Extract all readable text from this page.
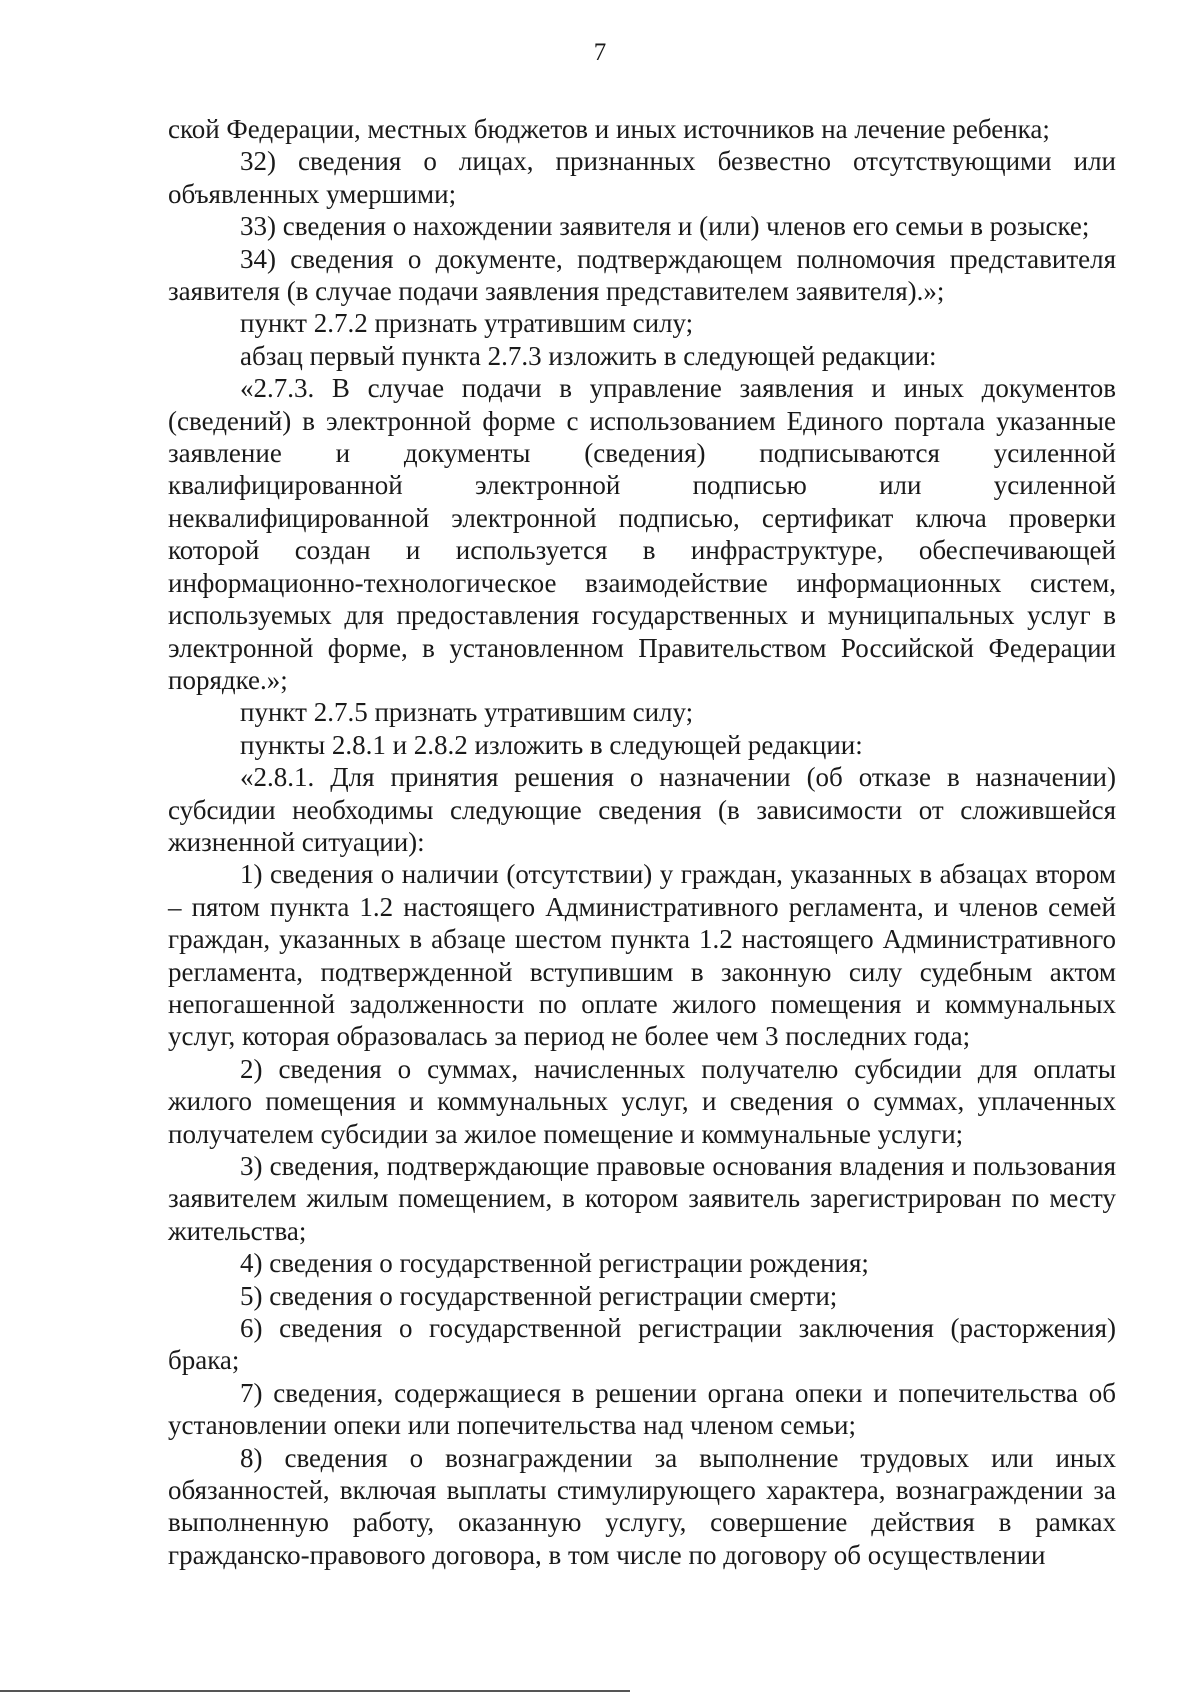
7

ской Федерации, местных бюджетов и иных источников на лечение ребенка;

32) сведения о лицах, признанных безвестно отсутствующими или объявленных умершими;

33) сведения о нахождении заявителя и (или) членов его семьи в розыске;

34) сведения о документе, подтверждающем полномочия представителя заявителя (в случае подачи заявления представителем заявителя).»;

пункт 2.7.2 признать утратившим силу;

абзац первый пункта 2.7.3 изложить в следующей редакции:

«2.7.3. В случае подачи в управление заявления и иных документов (сведений) в электронной форме с использованием Единого портала указанные заявление и документы (сведения) подписываются усиленной квалифицированной электронной подписью или усиленной неквалифицированной электронной подписью, сертификат ключа проверки которой создан и используется в инфраструктуре, обеспечивающей информационно-технологическое взаимодействие информационных систем, используемых для предоставления государственных и муниципальных услуг в электронной форме, в установленном Правительством Российской Федерации порядке.»;

пункт 2.7.5 признать утратившим силу;

пункты 2.8.1 и 2.8.2 изложить в следующей редакции:

«2.8.1. Для принятия решения о назначении (об отказе в назначении) субсидии необходимы следующие сведения (в зависимости от сложившейся жизненной ситуации):

1) сведения о наличии (отсутствии) у граждан, указанных в абзацах втором – пятом пункта 1.2 настоящего Административного регламента, и членов семей граждан, указанных в абзаце шестом пункта 1.2 настоящего Административного регламента, подтвержденной вступившим в законную силу судебным актом непогашенной задолженности по оплате жилого помещения и коммунальных услуг, которая образовалась за период не более чем 3 последних года;

2) сведения о суммах, начисленных получателю субсидии для оплаты жилого помещения и коммунальных услуг, и сведения о суммах, уплаченных получателем субсидии за жилое помещение и коммунальные услуги;

3) сведения, подтверждающие правовые основания владения и пользования заявителем жилым помещением, в котором заявитель зарегистрирован по месту жительства;

4) сведения о государственной регистрации рождения;

5) сведения о государственной регистрации смерти;

6) сведения о государственной регистрации заключения (расторжения) брака;

7) сведения, содержащиеся в решении органа опеки и попечительства об установлении опеки или попечительства над членом семьи;

8) сведения о вознаграждении за выполнение трудовых или иных обязанностей, включая выплаты стимулирующего характера, вознаграждении за выполненную работу, оказанную услугу, совершение действия в рамках гражданско-правового договора, в том числе по договору об осуществлении
